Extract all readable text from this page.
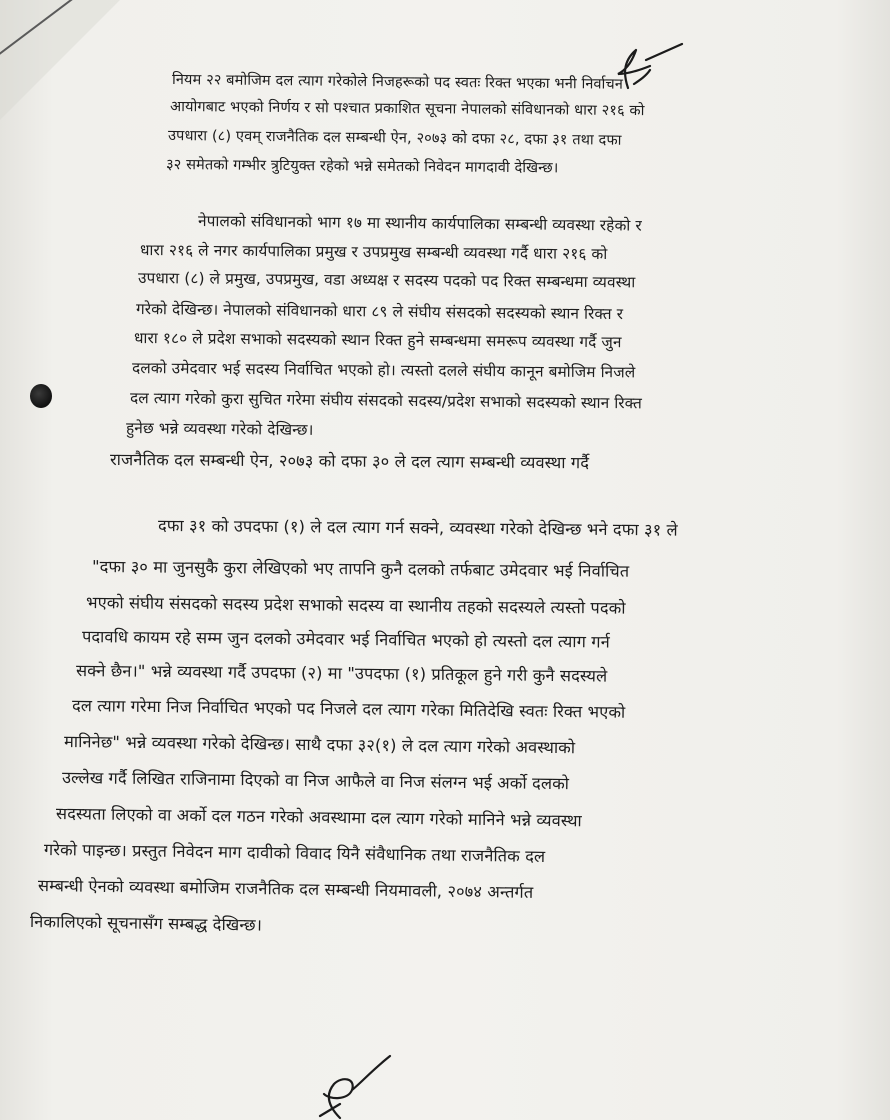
नियम २२ बमोजिम दल त्याग गरेकोले निजहरूको पद स्वतः रिक्त भएका भनी निर्वाचन
आयोगबाट भएको निर्णय र सो पश्चात प्रकाशित सूचना नेपालको संविधानको धारा २१६ को
उपधारा (८) एवम् राजनैतिक दल सम्बन्धी ऐन, २०७३ को दफा २८, दफा ३१ तथा दफा
३२ समेतको गम्भीर त्रुटियुक्त रहेको भन्ने समेतको निवेदन मागदावी देखिन्छ।
नेपालको संविधानको भाग १७ मा स्थानीय कार्यपालिका सम्बन्धी व्यवस्था रहेको र
धारा २१६ ले नगर कार्यपालिका प्रमुख र उपप्रमुख सम्बन्धी व्यवस्था गर्दै धारा २१६ को
उपधारा (८) ले प्रमुख, उपप्रमुख, वडा अध्यक्ष र सदस्य पदको पद रिक्त सम्बन्धमा व्यवस्था
गरेको देखिन्छ। नेपालको संविधानको धारा ८९ ले संघीय संसदको सदस्यको स्थान रिक्त र
धारा १८० ले प्रदेश सभाको सदस्यको स्थान रिक्त हुने सम्बन्धमा समरूप व्यवस्था गर्दै जुन
दलको उमेदवार भई सदस्य निर्वाचित भएको हो। त्यस्तो दलले संघीय कानून बमोजिम निजले
दल त्याग गरेको कुरा सुचित गरेमा संघीय संसदको सदस्य/प्रदेश सभाको सदस्यको स्थान रिक्त
हुनेछ भन्ने व्यवस्था गरेको देखिन्छ।
राजनैतिक दल सम्बन्धी ऐन, २०७३ को दफा ३० ले दल त्याग सम्बन्धी व्यवस्था गर्दै
दफा ३१ को उपदफा (१) ले दल त्याग गर्न सक्ने, व्यवस्था गरेको देखिन्छ भने दफा ३१ ले
"दफा ३० मा जुनसुकै कुरा लेखिएको भए तापनि कुनै दलको तर्फबाट उमेदवार भई निर्वाचित
भएको संघीय संसदको सदस्य प्रदेश सभाको सदस्य वा स्थानीय तहको सदस्यले त्यस्तो पदको
पदावधि कायम रहे सम्म जुन दलको उमेदवार भई निर्वाचित भएको हो त्यस्तो दल त्याग गर्न
सक्ने छैन।" भन्ने व्यवस्था गर्दै उपदफा (२) मा "उपदफा (१) प्रतिकूल हुने गरी कुनै सदस्यले
दल त्याग गरेमा निज निर्वाचित भएको पद निजले दल त्याग गरेका मितिदेखि स्वतः रिक्त भएको
मानिनेछ" भन्ने व्यवस्था गरेको देखिन्छ। साथै दफा ३२(१) ले दल त्याग गरेको अवस्थाको
उल्लेख गर्दै लिखित राजिनामा दिएको वा निज आफैले वा निज संलग्न भई अर्को दलको
सदस्यता लिएको वा अर्को दल गठन गरेको अवस्थामा दल त्याग गरेको मानिने भन्ने व्यवस्था
गरेको पाइन्छ। प्रस्तुत निवेदन माग दावीको विवाद यिनै संवैधानिक तथा राजनैतिक दल
सम्बन्धी ऐनको व्यवस्था बमोजिम राजनैतिक दल सम्बन्धी नियमावली, २०७४ अन्तर्गत
निकालिएको सूचनासँग सम्बद्ध देखिन्छ।
